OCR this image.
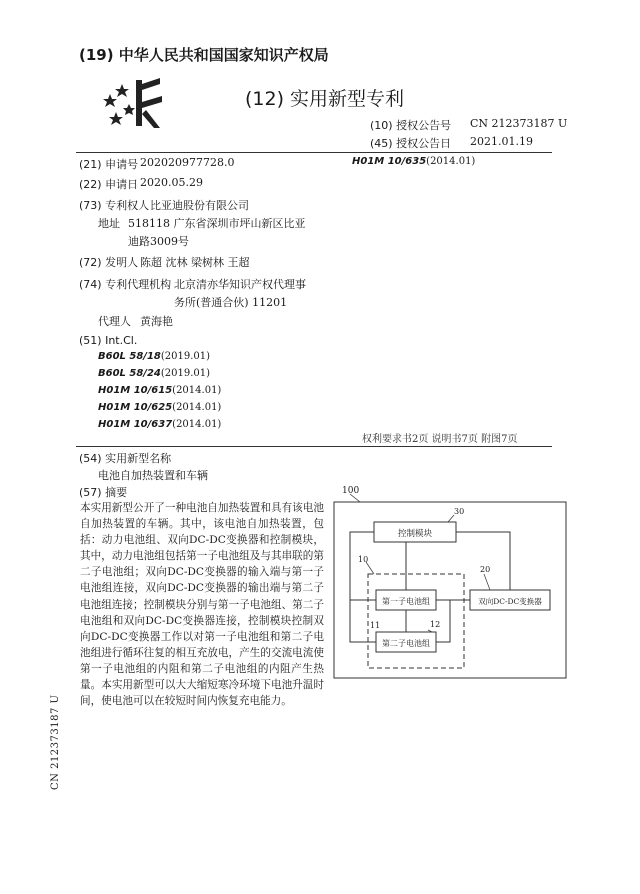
(19) 中华人民共和国国家知识产权局
(12) 实用新型专利
(10) 授权公告号 CN 212373187 U
(45) 授权公告日 2021.01.19
(21) 申请号 202020977728.0
(22) 申请日 2020.05.29
(73) 专利权人 比亚迪股份有限公司
地址 518118 广东省深圳市坪山新区比亚
迪路3009号
(72) 发明人 陈超 沈林 梁树林 王超
(74) 专利代理机构 北京清亦华知识产权代理事
务所(普通合伙) 11201
代理人 黄海艳
(51) Int.Cl.
B60L 58/18(2019.01)
B60L 58/24(2019.01)
H01M 10/615(2014.01)
H01M 10/625(2014.01)
H01M 10/637(2014.01)
H01M 10/635(2014.01)
权利要求书2页 说明书7页 附图7页
(54) 实用新型名称
电池自加热装置和车辆
(57) 摘要
本实用新型公开了一种电池自加热装置和具有该电池自加热装置的车辆。其中，该电池自加热装置，包括：动力电池组、双向DC-DC变换器和控制模块，其中，动力电池组包括第一子电池组及与其串联的第二子电池组；双向DC-DC变换器的输入端与第一子电池组连接，双向DC-DC变换器的输出端与第二子电池组连接；控制模块分别与第一子电池组、第二子电池组和双向DC-DC变换器连接，控制模块控制双向DC-DC变换器工作以对第一子电池组和第二子电池组进行循环往复的相互充放电，产生的交流电流使第一子电池组的内阻和第二子电池组的内阻产生热量。本实用新型可以大大缩短寒冷环境下电池升温时间，使电池可以在较短时间内恢复充电能力。
100
控制模块
30
10
第一子电池组
11
第二子电池组
12
双向DC-DC变换器
20
CN 212373187 U
